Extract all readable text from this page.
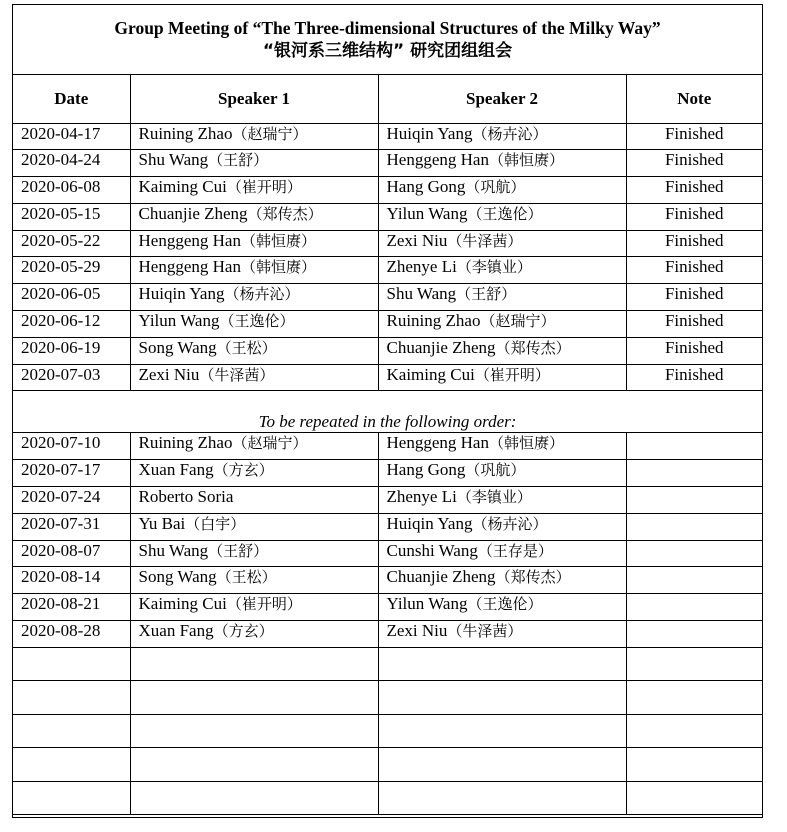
Group Meeting of “The Three-dimensional Structures of the Milky Way”
“银河系三维结构” 研究团组组会
Date	Speaker 1	Speaker 2	Note
2020-04-17	Ruining Zhao（赵瑞宁）	Huiqin Yang（杨卉沁）	Finished
2020-04-24	Shu Wang（王舒）	Henggeng Han（韩恒赓）	Finished
2020-06-08	Kaiming Cui（崔开明）	Hang Gong（巩航）	Finished
2020-05-15	Chuanjie Zheng（郑传杰）	Yilun Wang（王逸伦）	Finished
2020-05-22	Henggeng Han（韩恒赓）	Zexi Niu（牛泽茜）	Finished
2020-05-29	Henggeng Han（韩恒赓）	Zhenye Li（李镇业）	Finished
2020-06-05	Huiqin Yang（杨卉沁）	Shu Wang（王舒）	Finished
2020-06-12	Yilun Wang（王逸伦）	Ruining Zhao（赵瑞宁）	Finished
2020-06-19	Song Wang（王松）	Chuanjie Zheng（郑传杰）	Finished
2020-07-03	Zexi Niu（牛泽茜）	Kaiming Cui（崔开明）	Finished
To be repeated in the following order:			
2020-07-10	Ruining Zhao（赵瑞宁）	Henggeng Han（韩恒赓）	
2020-07-17	Xuan Fang（方玄）	Hang Gong（巩航）	
2020-07-24	Roberto Soria	Zhenye Li（李镇业）	
2020-07-31	Yu Bai（白宇）	Huiqin Yang（杨卉沁）	
2020-08-07	Shu Wang（王舒）	Cunshi Wang（王存是）	
2020-08-14	Song Wang（王松）	Chuanjie Zheng（郑传杰）	
2020-08-21	Kaiming Cui（崔开明）	Yilun Wang（王逸伦）	
2020-08-28	Xuan Fang（方玄）	Zexi Niu（牛泽茜）	
